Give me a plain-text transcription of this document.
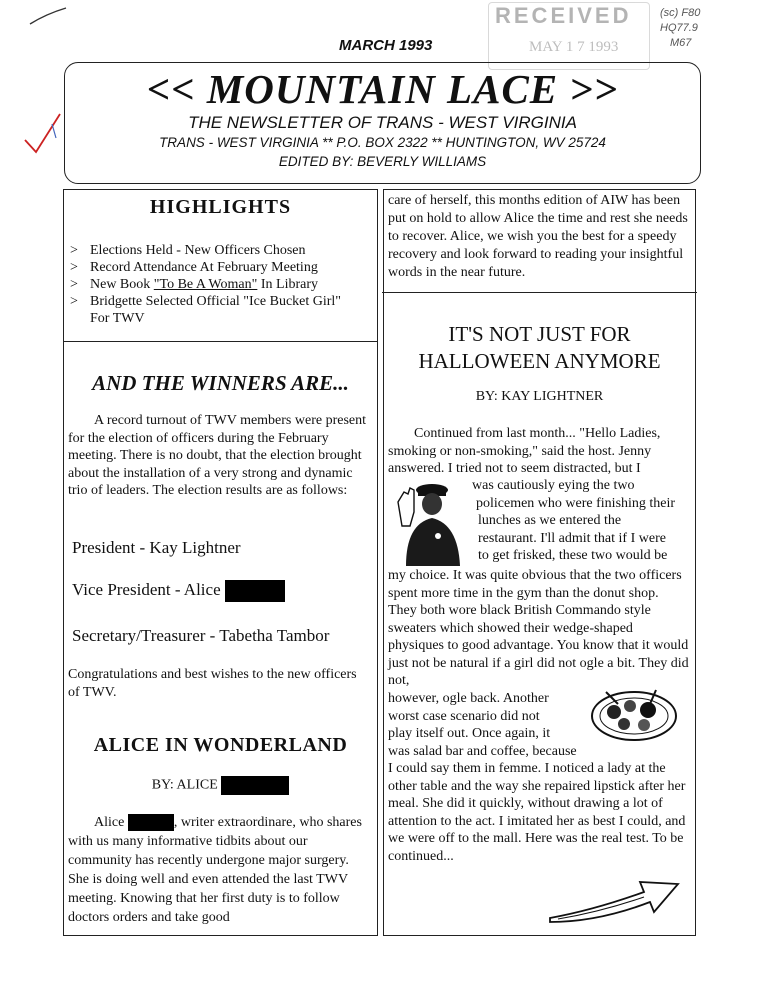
(sc) F80
HQ77.9
M67
RECEIVED
MAY 1 7 1993
MARCH 1993
<< MOUNTAIN LACE >>
THE NEWSLETTER OF TRANS - WEST VIRGINIA
TRANS - WEST VIRGINIA ** P.O. BOX 2322 ** HUNTINGTON, WV 25724
EDITED BY: BEVERLY WILLIAMS
HIGHLIGHTS
> Elections Held - New Officers Chosen
> Record Attendance At February Meeting
> New Book "To Be A Woman" In Library
> Bridgette Selected Official "Ice Bucket Girl"
For TWV
AND THE WINNERS ARE...

A record turnout of TWV members were present for the election of officers during the February meeting. There is no doubt, that the election brought about the installation of a very strong and dynamic trio of leaders. The election results are as follows:

President - Kay Lightner
Vice President - Alice
Secretary/Treasurer - Tabetha Tambor

Congratulations and best wishes to the new officers of TWV.

ALICE IN WONDERLAND
BY: ALICE

Alice	, writer extraordinare, who shares with us many informative tidbits about our community has recently undergone major surgery. She is doing well and even attended the last TWV meeting. Knowing that her first duty is to follow doctors orders and take good

care of herself, this months edition of AIW has been put on hold to allow Alice the time and rest she needs to recover. Alice, we wish you the best for a speedy recovery and look forward to reading your insightful words in the near future.

IT'S NOT JUST FOR
HALLOWEEN ANYMORE
BY: KAY LIGHTNER

Continued from last month... "Hello Ladies, smoking or non-smoking," said the host. Jenny answered. I tried not to seem distracted, but I

was cautiously eying the two
policemen who were finishing their
lunches as we entered the
restaurant. I'll admit that if I were
to get frisked, these two would be

my choice. It was quite obvious that the two officers spent more time in the gym than the donut shop. They both wore black British Commando style sweaters which showed their wedge-shaped physiques to good advantage. You know that it would just not be natural if a girl did not ogle a bit. They did not,

however, ogle back. Another
worst case scenario did not
play itself out. Once again, it
was salad bar and coffee, because

I could say them in femme. I noticed a lady at the other table and the way she repaired lipstick after her meal. She did it quickly, without drawing a lot of attention to the act. I imitated her as best I could, and we were off to the mall. Here was the real test. To be continued...
